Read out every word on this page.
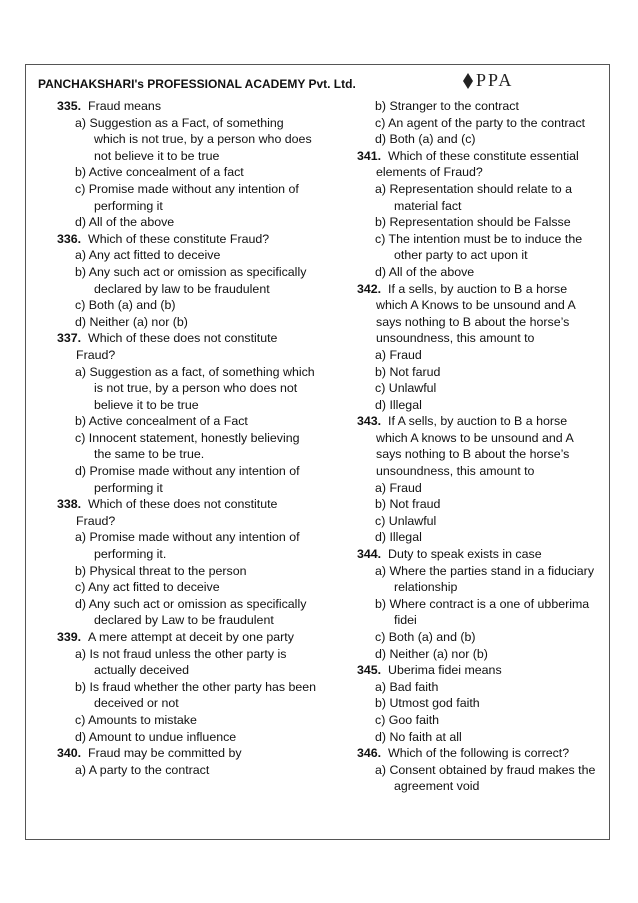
PANCHAKSHARI's PROFESSIONAL ACADEMY Pvt. Ltd.	PPA
335. Fraud means
a) Suggestion as a Fact, of something which is not true, by a person who does not believe it to be true
b) Active concealment of a fact
c) Promise made without any intention of performing it
d) All of the above
336. Which of these constitute Fraud?
a) Any act fitted to deceive
b) Any such act or omission as specifically declared by law to be fraudulent
c) Both (a) and (b)
d) Neither (a) nor (b)
337. Which of these does not constitute
Fraud?
a) Suggestion as a fact, of something which is not true, by a person who does not believe it to be true
b) Active concealment of a Fact
c) Innocent statement, honestly believing the same to be true.
d) Promise made without any intention of performing it
338. Which of these does not constitute
Fraud?
a) Promise made without any intention of performing it.
b) Physical threat to the person
c) Any act fitted to deceive
d) Any such act or omission as specifically declared by Law to be fraudulent
339. A mere attempt at deceit by one party
a) Is not fraud unless the other party is actually deceived
b) Is fraud whether the other party has been deceived or not
c) Amounts to mistake
d) Amount to undue influence
340. Fraud may be committed by
a) A party to the contract
b) Stranger to the contract
c) An agent of the party to the contract
d) Both (a) and (c)
341. Which of these constitute essential
elements of Fraud?
a) Representation should relate to a material fact
b) Representation should be Falsse
c) The intention must be to induce the other party to act upon it
d) All of the above
342. If a sells, by auction to B a horse
which A Knows to be unsound and A
says nothing to B about the horse’s
unsoundness, this amount to
a) Fraud
b) Not farud
c) Unlawful
d) Illegal
343. If A sells, by auction to B a horse
which A knows to be unsound and A
says nothing to B about the horse’s
unsoundness, this amount to
a) Fraud
b) Not fraud
c) Unlawful
d) Illegal
344. Duty to speak exists in case
a) Where the parties stand in a fiduciary relationship
b) Where contract is a one of ubberima fidei
c) Both (a) and (b)
d) Neither (a) nor (b)
345. Uberima fidei means
a) Bad faith
b) Utmost god faith
c) Goo faith
d) No faith at all
346. Which of the following is correct?
a) Consent obtained by fraud makes the agreement void
